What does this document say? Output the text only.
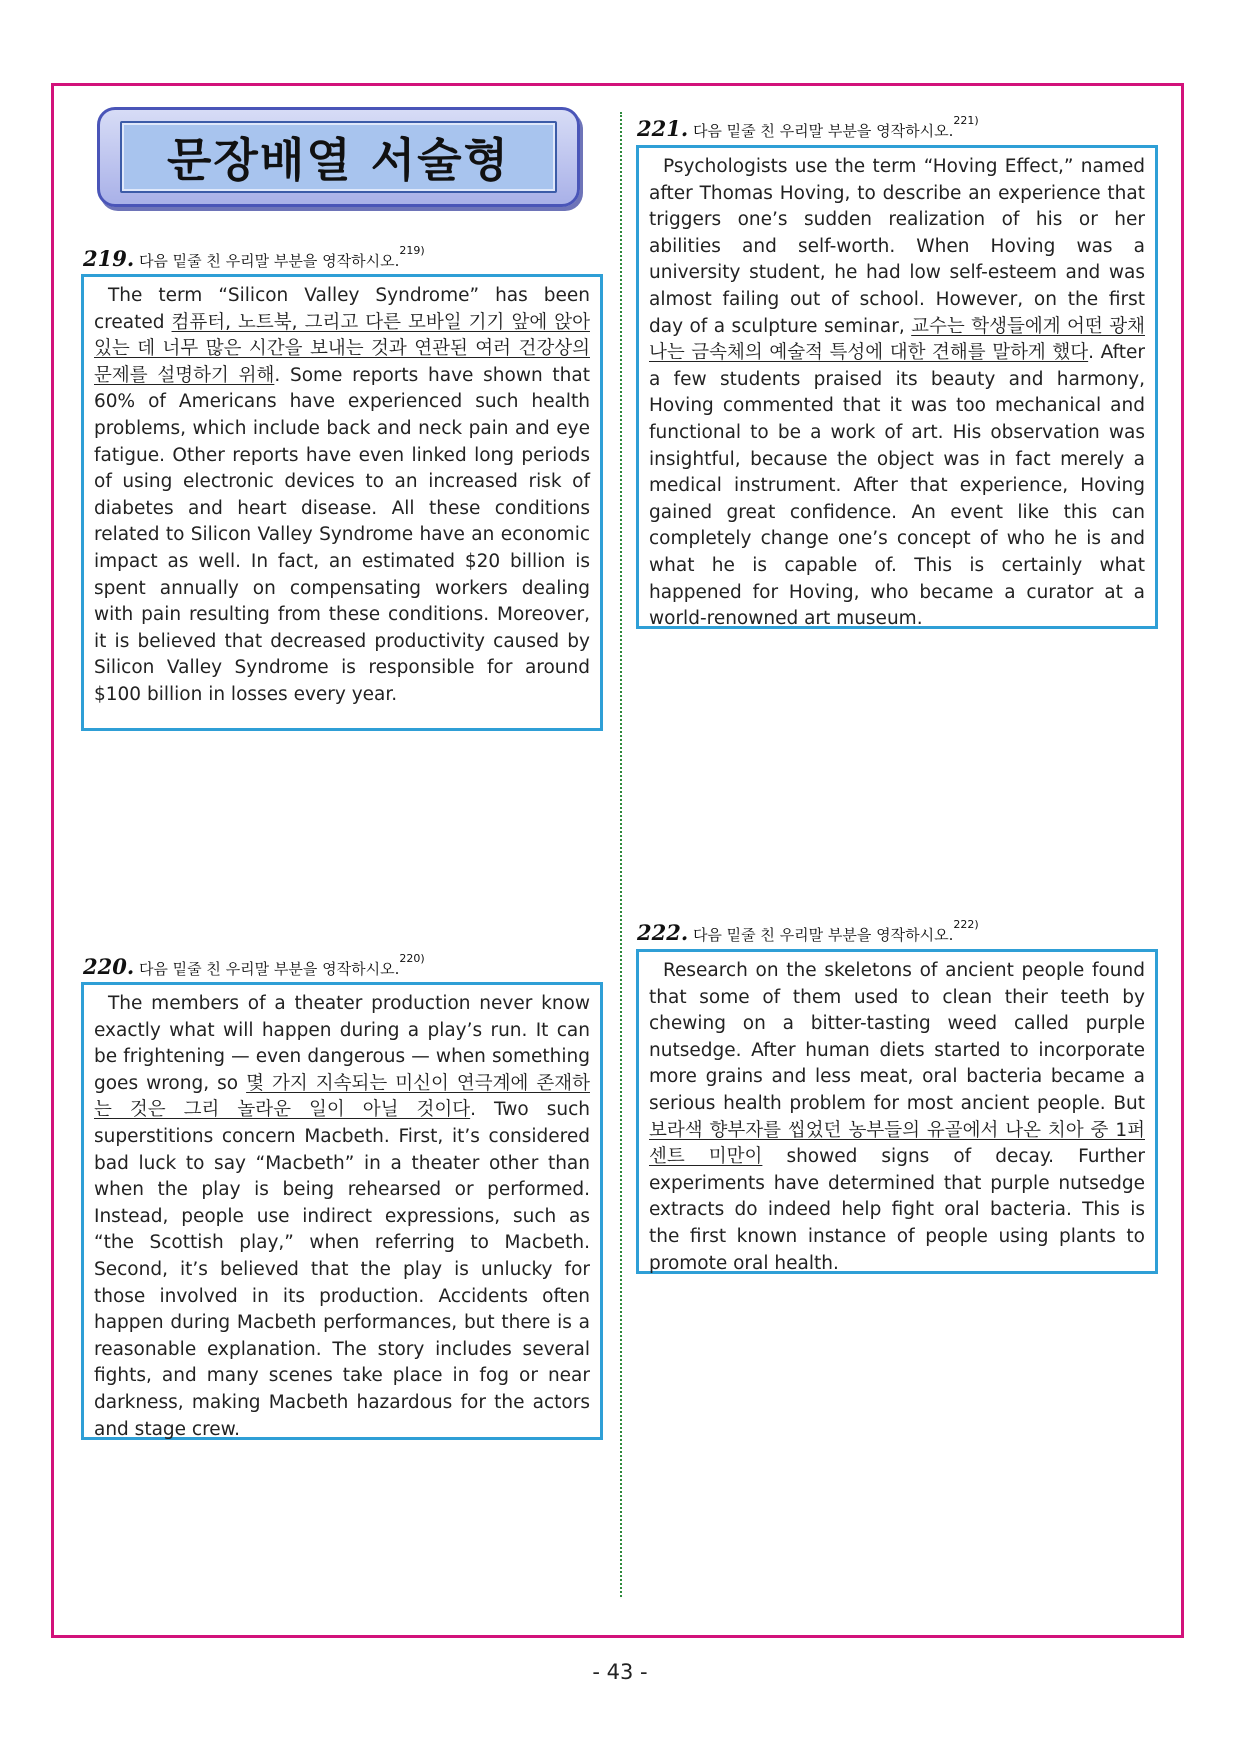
문장배열 서술형
219. 다음 밑줄 친 우리말 부분을 영작하시오.$^{219)}$

The term “Silicon Valley Syndrome” has been created 컴퓨터, 노트북, 그리고 다른 모바일 기기 앞에 앉아 있는 데 너무 많은 시간을 보내는 것과 연관된 여러 건강상의 문제를 설명하기 위해. Some reports have shown that 60% of Americans have experienced such health problems, which include back and neck pain and eye fatigue. Other reports have even linked long periods of using electronic devices to an increased risk of diabetes and heart disease. All these conditions related to Silicon Valley Syndrome have an economic impact as well. In fact, an estimated $20 billion is spent annually on compensating workers dealing with pain resulting from these conditions. Moreover, it is believed that decreased productivity caused by Silicon Valley Syndrome is responsible for around $100 billion in losses every year.

220. 다음 밑줄 친 우리말 부분을 영작하시오.$^{220)}$

The members of a theater production never know exactly what will happen during a play’s run. It can be frightening — even dangerous — when something goes wrong, so 몇 가지 지속되는 미신이 연극계에 존재하는 것은 그리 놀라운 일이 아닐 것이다. Two such superstitions concern Macbeth. First, it’s considered bad luck to say “Macbeth” in a theater other than when the play is being rehearsed or performed. Instead, people use indirect expressions, such as “the Scottish play,” when referring to Macbeth. Second, it’s believed that the play is unlucky for those involved in its production. Accidents often happen during Macbeth performances, but there is a reasonable explanation. The story includes several fights, and many scenes take place in fog or near darkness, making Macbeth hazardous for the actors and stage crew.

221. 다음 밑줄 친 우리말 부분을 영작하시오.$^{221)}$

Psychologists use the term “Hoving Effect,” named after Thomas Hoving, to describe an experience that triggers one’s sudden realization of his or her abilities and self-worth. When Hoving was a university student, he had low self-esteem and was almost failing out of school. However, on the first day of a sculpture seminar, 교수는 학생들에게 어떤 광채 나는 금속체의 예술적 특성에 대한 견해를 말하게 했다. After a few students praised its beauty and harmony, Hoving commented that it was too mechanical and functional to be a work of art. His observation was insightful, because the object was in fact merely a medical instrument. After that experience, Hoving gained great confidence. An event like this can completely change one’s concept of who he is and what he is capable of. This is certainly what happened for Hoving, who became a curator at a world-renowned art museum.

222. 다음 밑줄 친 우리말 부분을 영작하시오.$^{222)}$

Research on the skeletons of ancient people found that some of them used to clean their teeth by chewing on a bitter-tasting weed called purple nutsedge. After human diets started to incorporate more grains and less meat, oral bacteria became a serious health problem for most ancient people. But 보라색 향부자를 씹었던 농부들의 유골에서 나온 치아 중 1퍼센트 미만이 showed signs of decay. Further experiments have determined that purple nutsedge extracts do indeed help fight oral bacteria. This is the first known instance of people using plants to promote oral health.

- 43 -
